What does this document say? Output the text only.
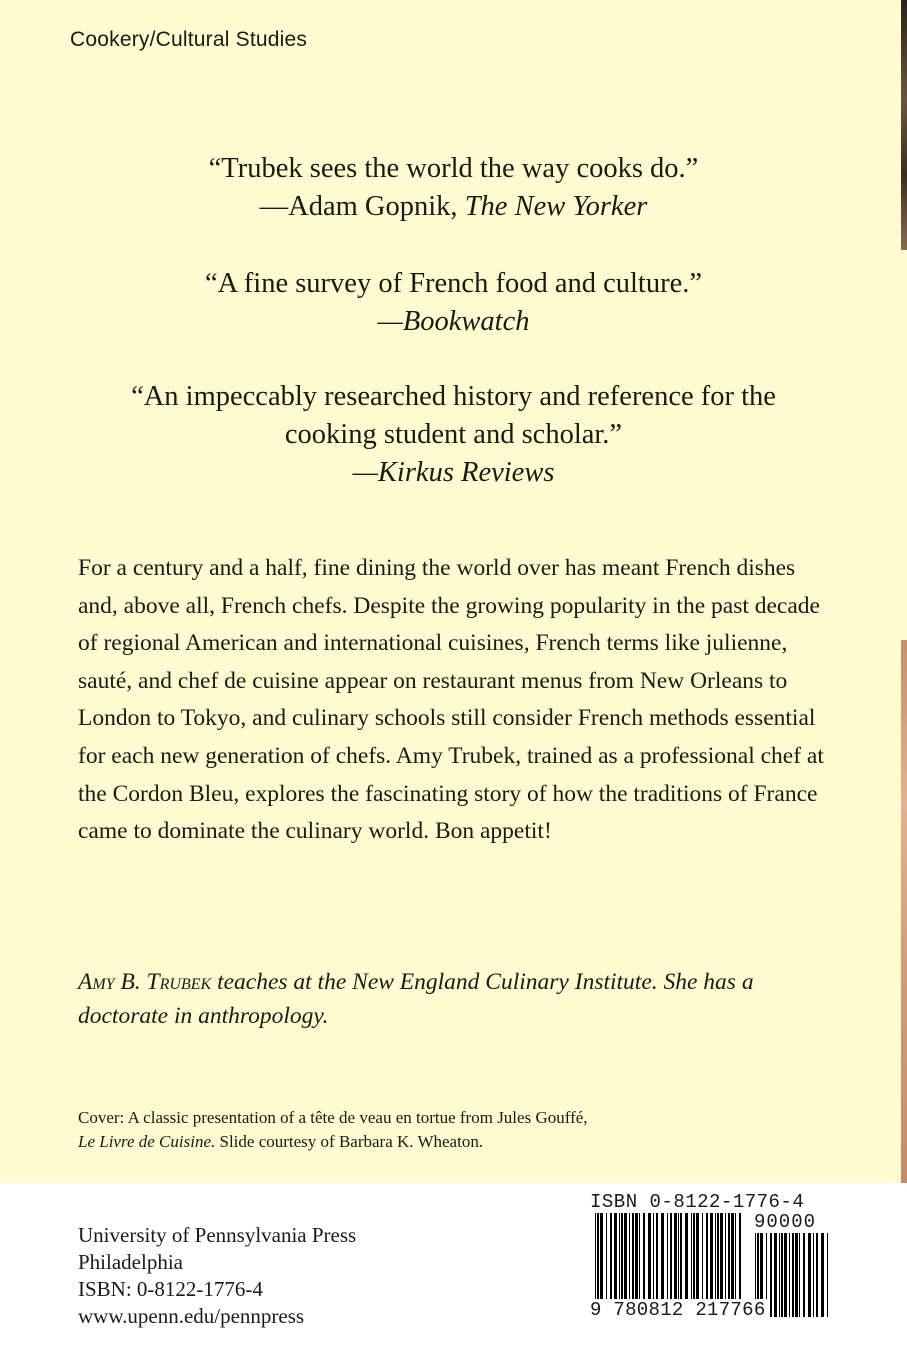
Cookery/Cultural Studies
“Trubek sees the world the way cooks do.”
—Adam Gopnik, The New Yorker
“A fine survey of French food and culture.”
—Bookwatch
“An impeccably researched history and reference for the
cooking student and scholar.”
—Kirkus Reviews

For a century and a half, fine dining the world over has meant French dishes and, above all, French chefs. Despite the growing popularity in the past decade of regional American and international cuisines, French terms like julienne, sauté, and chef de cuisine appear on restaurant menus from New Orleans to London to Tokyo, and culinary schools still consider French methods essential for each new generation of chefs. Amy Trubek, trained as a professional chef at the Cordon Bleu, explores the fascinating story of how the traditions of France came to dominate the culinary world. Bon appetit!

Amy B. Trubek teaches at the New England Culinary Institute. She has a doctorate in anthropology.

Cover: A classic presentation of a tête de veau en tortue from Jules Gouffé,
Le Livre de Cuisine. Slide courtesy of Barbara K. Wheaton.

University of Pennsylvania Press
Philadelphia
ISBN: 0-8122-1776-4
www.upenn.edu/pennpress
ISBN 0-8122-1776-4
90000
9 780812 217766
